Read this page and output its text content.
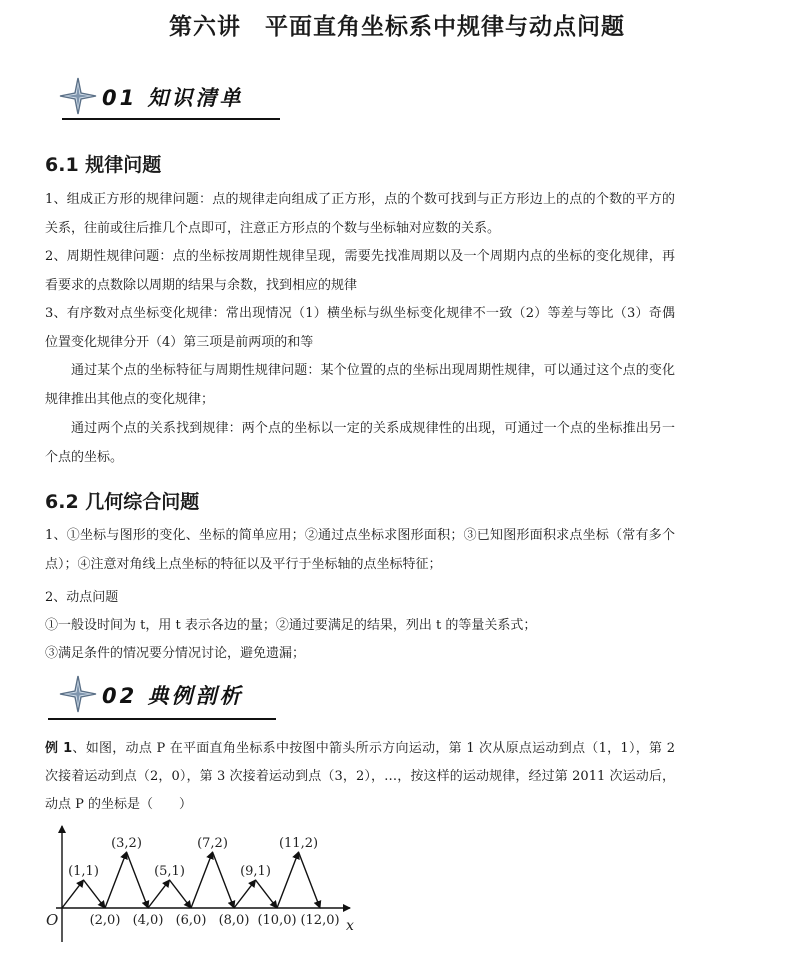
第六讲　平面直角坐标系中规律与动点问题
01 知识清单
6.1 规律问题
1、组成正方形的规律问题：点的规律走向组成了正方形，点的个数可找到与正方形边上的点的个数的平方的关系，往前或往后推几个点即可，注意正方形点的个数与坐标轴对应数的关系。
2、周期性规律问题：点的坐标按周期性规律呈现，需要先找准周期以及一个周期内点的坐标的变化规律，再看要求的点数除以周期的结果与余数，找到相应的规律
3、有序数对点坐标变化规律：常出现情况（1）横坐标与纵坐标变化规律不一致（2）等差与等比（3）奇偶位置变化规律分开（4）第三项是前两项的和等
通过某个点的坐标特征与周期性规律问题：某个位置的点的坐标出现周期性规律，可以通过这个点的变化规律推出其他点的变化规律；
通过两个点的关系找到规律：两个点的坐标以一定的关系成规律性的出现，可通过一个点的坐标推出另一个点的坐标。
6.2 几何综合问题
1、①坐标与图形的变化、坐标的简单应用；②通过点坐标求图形面积；③已知图形面积求点坐标（常有多个点）；④注意对角线上点坐标的特征以及平行于坐标轴的点坐标特征；
2、动点问题
①一般设时间为 t，用 t 表示各边的量；②通过要满足的结果，列出 t 的等量关系式；
③满足条件的情况要分情况讨论，避免遗漏；
02 典例剖析
例 1、如图，动点 P 在平面直角坐标系中按图中箭头所示方向运动，第 1 次从原点运动到点（1，1），第 2 次接着运动到点（2，0），第 3 次接着运动到点（3，2），…，按这样的运动规律，经过第 2011 次运动后，动点 P 的坐标是（　　）
(1,1)
(2,0)
(3,2)
(4,0)
(5,1)
(6,0)
(7,2)
(8,0)
(9,1)
(10,0)
(11,2)
(12,0)
O	x
